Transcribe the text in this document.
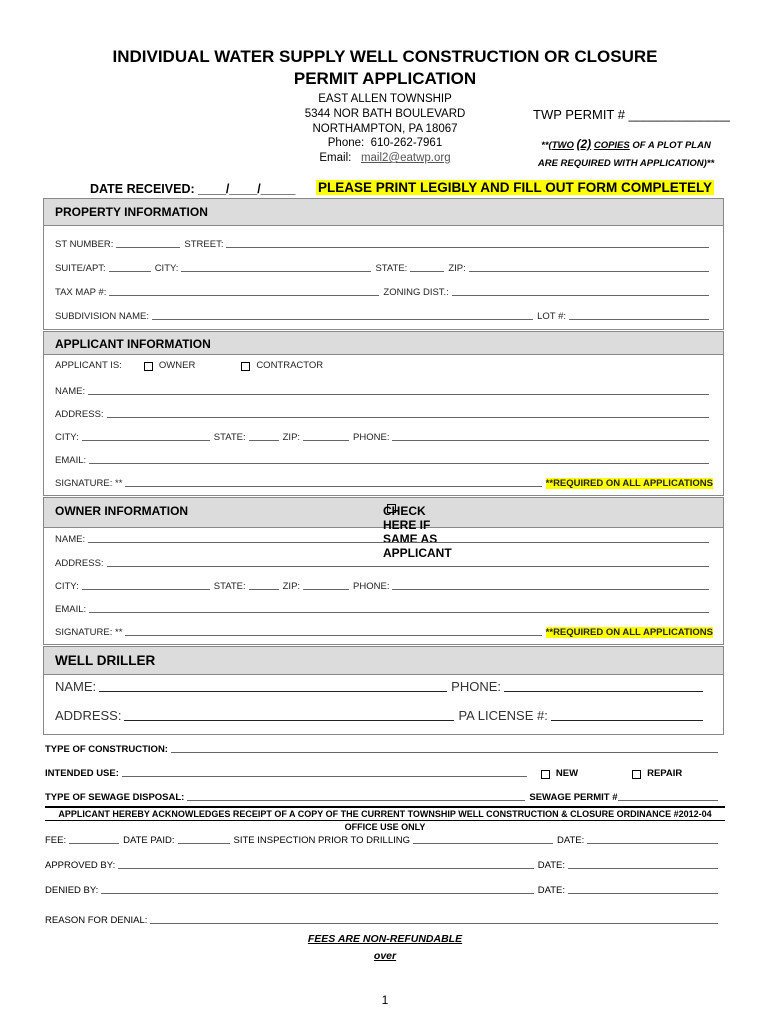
INDIVIDUAL WATER SUPPLY WELL CONSTRUCTION OR CLOSURE
PERMIT APPLICATION
EAST ALLEN TOWNSHIP
5344 NOR BATH BOULEVARD
NORTHAMPTON, PA 18067
Phone: 610-262-7961
Email: mail2@eatwp.org
TWP PERMIT # ______________
**(TWO (2) COPIES OF A PLOT PLAN
ARE REQUIRED WITH APPLICATION)**
DATE RECEIVED: ____/____/_____ PLEASE PRINT LEGIBLY AND FILL OUT FORM COMPLETELY
PROPERTY INFORMATION
ST NUMBER:	STREET:
SUITE/APT:	CITY:	STATE:	ZIP:
TAX MAP #:	ZONING DIST.:
SUBDIVISION NAME:	LOT #:
APPLICANT INFORMATION
APPLICANT IS:	OWNER	CONTRACTOR
NAME:
ADDRESS:
CITY:	STATE:	ZIP:	PHONE:
EMAIL:
SIGNATURE: **	**REQUIRED ON ALL APPLICATIONS
OWNER INFORMATION	CHECK HERE IF SAME AS APPLICANT
NAME:
ADDRESS:
CITY:	STATE:	ZIP:	PHONE:
EMAIL:
SIGNATURE: **	**REQUIRED ON ALL APPLICATIONS
WELL DRILLER
NAME:	PHONE:
ADDRESS:	PA LICENSE #:
TYPE OF CONSTRUCTION:
INTENDED USE:	NEW	REPAIR
TYPE OF SEWAGE DISPOSAL:	SEWAGE PERMIT #
APPLICANT HEREBY ACKNOWLEDGES RECEIPT OF A COPY OF THE CURRENT TOWNSHIP WELL CONSTRUCTION & CLOSURE ORDINANCE #2012-04
OFFICE USE ONLY
FEE:	DATE PAID:	SITE INSPECTION PRIOR TO DRILLING	DATE:
APPROVED BY:	DATE:
DENIED BY:	DATE:
REASON FOR DENIAL:
FEES ARE NON-REFUNDABLE
over
1
